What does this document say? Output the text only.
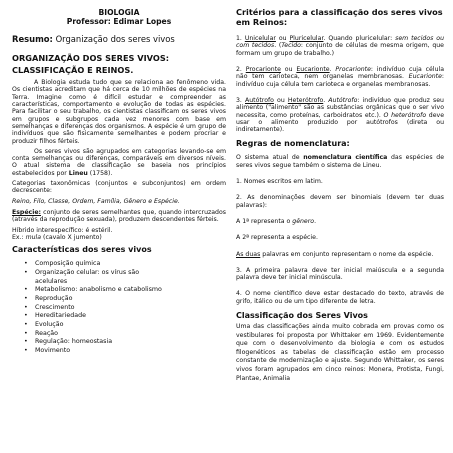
BIOLOGIA

Professor: Edimar Lopes

Resumo: Organização dos seres vivos

ORGANIZAÇÃO DOS SERES VIVOS:

CLASSIFICAÇÃO E REINOS.

A Biologia estuda tudo que se relaciona ao fenômeno vida. Os cientistas acreditam que há cerca de 10 milhões de espécies na Terra. Imagine como é difícil estudar e compreender as características, comportamento e evolução de todas as espécies. Para facilitar o seu trabalho, os cientistas classificam os seres vivos em grupos e subgrupos cada vez menores com base em semelhanças e diferenças dos organismos. A espécie é um grupo de indivíduos que são fisicamente semelhantes e podem procriar e produzir filhos férteis.

Os seres vivos são agrupados em categorias levando-se em conta semelhanças ou diferenças, comparáveis em diversos níveis. O atual sistema de classificação se baseia nos princípios estabelecidos por Lineu (1758).

Categorias taxonômicas (conjuntos e subconjuntos) em ordem decrescente:

Reino, Filo, Classe, Ordem, Família, Gênero e Espécie.

Espécie: conjunto de seres semelhantes que, quando intercruzados (através da reprodução sexuada), produzem descendentes férteis.

Híbrido interespecífico: é estéril.

Ex.: mula (cavalo X jumento)

Características dos seres vivos

• Composição química
• Organização celular: os vírus são
acelulares
• Metabolismo: anabolismo e catabolismo
• Reprodução
• Crescimento
• Hereditariedade
• Evolução
• Reação
• Regulação: homeostasia
• Movimento

Critérios para a classificação dos seres vivos em Reinos:

1. Unicelular ou Pluricelular. Quando pluricelular: sem tecidos ou com tecidos. (Tecido: conjunto de células de mesma origem, que formam um grupo de trabalho.)

2. Procarionte ou Eucarionte. Procarionte: indivíduo cuja célula não tem carioteca, nem organelas membranosas. Eucarionte: indivíduo cuja célula tem carioteca e organelas membranosas.

3. Autótrofo ou Heterótrofo. Autótrofo: indivíduo que produz seu alimento ("alimento" são as substâncias orgânicas que o ser vivo necessita, como proteínas, carboidratos etc.). O heterótrofo deve usar o alimento produzido por autótrofos (direta ou indiretamente).

Regras de nomenclatura:

O sistema atual de nomenclatura científica das espécies de seres vivos segue também o sistema de Lineu.

1. Nomes escritos em latim.

2. As denominações devem ser binomiais (devem ter duas palavras):

A 1ª representa o gênero.

A 2ª representa a espécie.

As duas palavras em conjunto representam o nome da espécie.

3. A primeira palavra deve ter inicial maiúscula e a segunda palavra deve ter inicial minúscula.

4. O nome científico deve estar destacado do texto, através de grifo, itálico ou de um tipo diferente de letra.

Classificação dos Seres Vivos

Uma das classificações ainda muito cobrada em provas como os vestibulares foi proposta por Whittaker em 1969. Evidentemente que com o desenvolvimento da biologia e com os estudos filogenéticos as tabelas de classificação estão em processo constante de modernização e ajuste. Segundo Whittaker, os seres vivos foram agrupados em cinco reinos: Monera, Protista, Fungi, Plantae, Animalia
